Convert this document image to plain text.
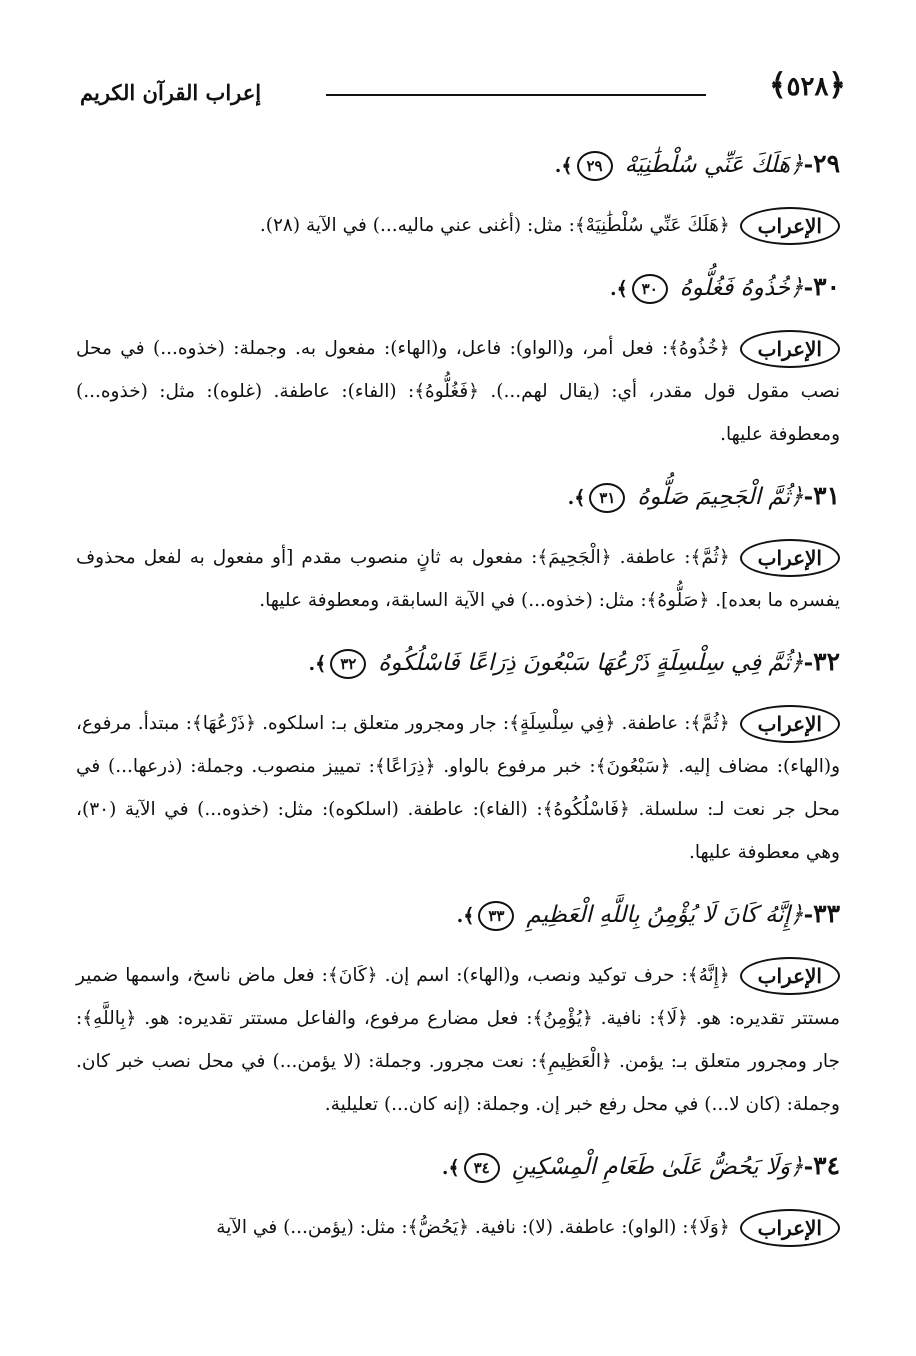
﴿٥٢٨﴾
إعراب القرآن الكريم
٢٩-﴿هَلَكَ عَنِّي سُلْطَٰنِيَهْ ٢٩﴾.

الإعراب﴿هَلَكَ عَنِّي سُلْطَٰنِيَهْ﴾: مثل: (أغنى عني ماليه...) في الآية (٢٨).

٣٠-﴿خُذُوهُ فَغُلُّوهُ ٣٠﴾.

الإعراب﴿خُذُوهُ﴾: فعل أمر، و(الواو): فاعل، و(الهاء): مفعول به. وجملة: (خذوه...) في محل نصب مقول قول مقدر، أي: (يقال لهم...). ﴿فَغُلُّوهُ﴾: (الفاء): عاطفة. (غلوه): مثل: (خذوه...) ومعطوفة عليها.

٣١-﴿ثُمَّ الْجَحِيمَ صَلُّوهُ ٣١﴾.

الإعراب﴿ثُمَّ﴾: عاطفة. ﴿الْجَحِيمَ﴾: مفعول به ثانٍ منصوب مقدم [أو مفعول به لفعل محذوف يفسره ما بعده]. ﴿صَلُّوهُ﴾: مثل: (خذوه...) في الآية السابقة، ومعطوفة عليها.

٣٢-﴿ثُمَّ فِي سِلْسِلَةٍ ذَرْعُهَا سَبْعُونَ ذِرَاعًا فَاسْلُكُوهُ ٣٢﴾.

الإعراب﴿ثُمَّ﴾: عاطفة. ﴿فِي سِلْسِلَةٍ﴾: جار ومجرور متعلق بـ: اسلكوه. ﴿ذَرْعُهَا﴾: مبتدأ. مرفوع، و(الهاء): مضاف إليه. ﴿سَبْعُونَ﴾: خبر مرفوع بالواو. ﴿ذِرَاعًا﴾: تمييز منصوب. وجملة: (ذرعها...) في محل جر نعت لـ: سلسلة. ﴿فَاسْلُكُوهُ﴾: (الفاء): عاطفة. (اسلكوه): مثل: (خذوه...) في الآية (٣٠)، وهي معطوفة عليها.

٣٣-﴿إِنَّهُ كَانَ لَا يُؤْمِنُ بِاللَّهِ الْعَظِيمِ ٣٣﴾.

الإعراب﴿إِنَّهُ﴾: حرف توكيد ونصب، و(الهاء): اسم إن. ﴿كَانَ﴾: فعل ماض ناسخ، واسمها ضمير مستتر تقديره: هو. ﴿لَا﴾: نافية. ﴿يُؤْمِنُ﴾: فعل مضارع مرفوع، والفاعل مستتر تقديره: هو. ﴿بِاللَّهِ﴾: جار ومجرور متعلق بـ: يؤمن. ﴿الْعَظِيمِ﴾: نعت مجرور. وجملة: (لا يؤمن...) في محل نصب خبر كان. وجملة: (كان لا...) في محل رفع خبر إن. وجملة: (إنه كان...) تعليلية.

٣٤-﴿وَلَا يَحُضُّ عَلَىٰ طَعَامِ الْمِسْكِينِ ٣٤﴾.

الإعراب﴿وَلَا﴾: (الواو): عاطفة. (لا): نافية. ﴿يَحُضُّ﴾: مثل: (يؤمن...) في الآية
